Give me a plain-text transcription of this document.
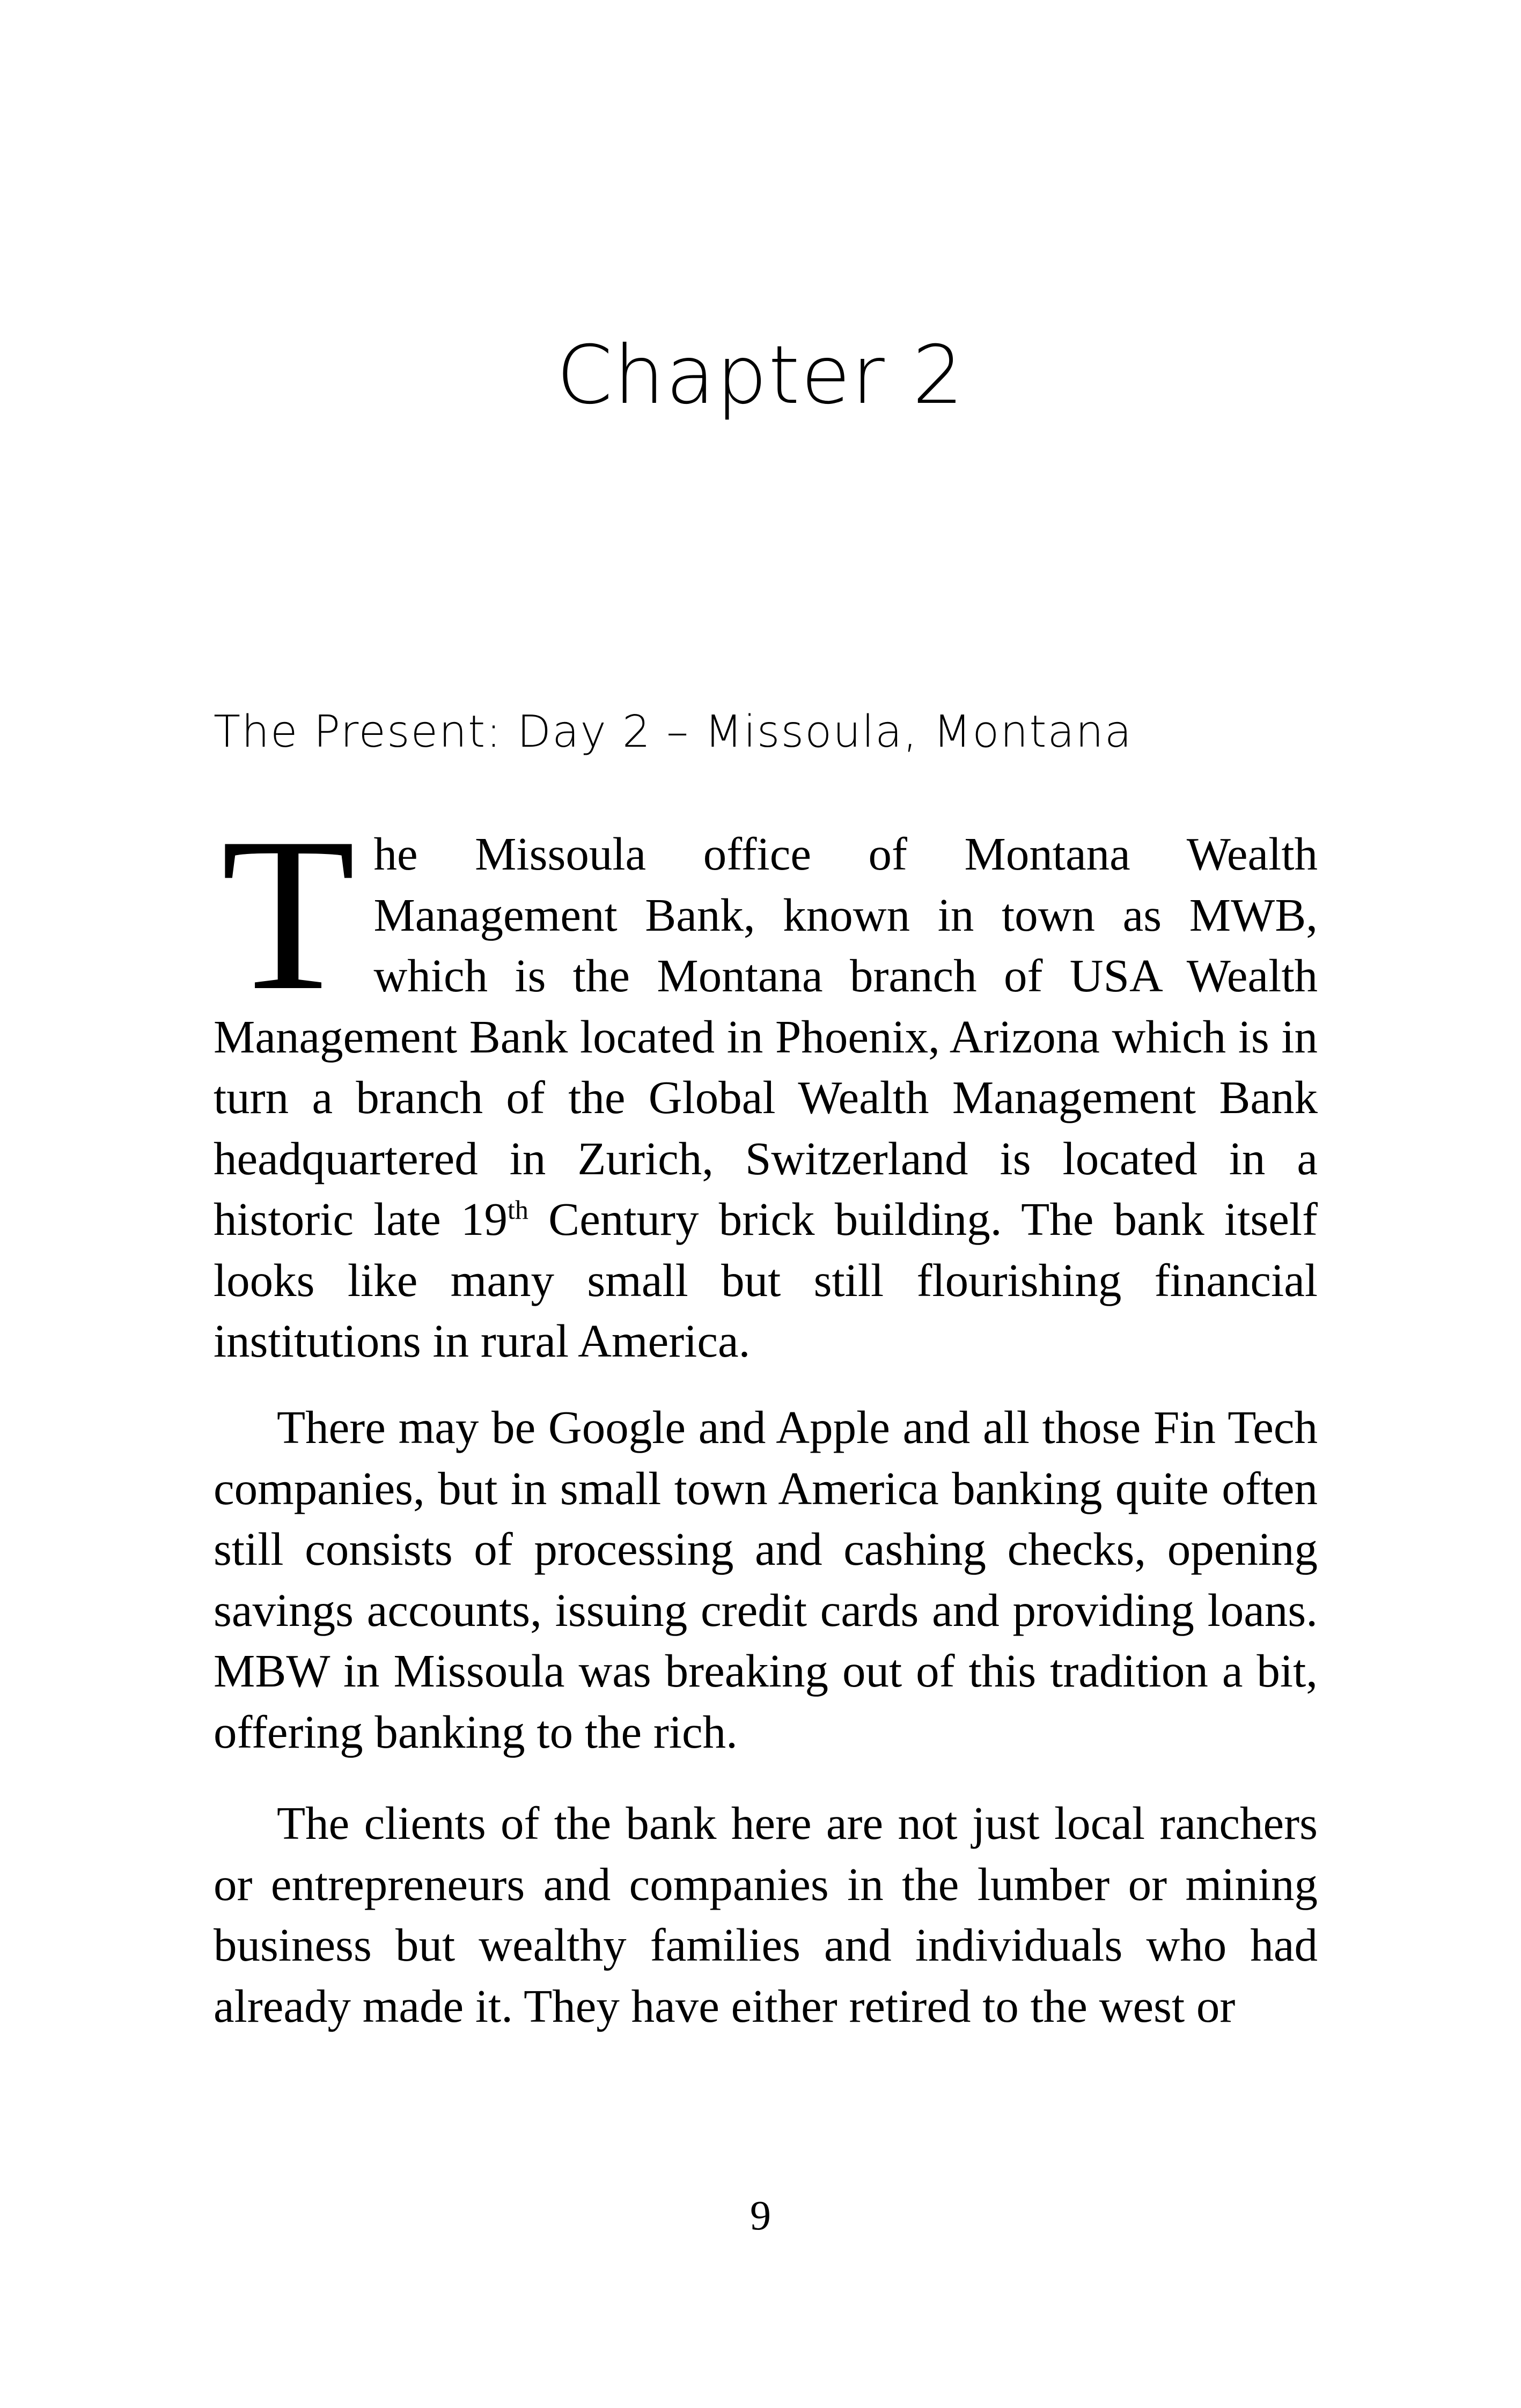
Chapter 2
The Present: Day 2 – Missoula, Montana

The Missoula office of Montana Wealth Management Bank, known in town as MWB, which is the Montana branch of USA Wealth Management Bank located in Phoenix, Arizona which is in turn a branch of the Global Wealth Management Bank headquartered in Zurich, Switzerland is located in a historic late 19th Century brick building. The bank itself looks like many small but still flourishing financial institutions in rural America.

There may be Google and Apple and all those Fin Tech companies, but in small town America banking quite often still consists of processing and cashing checks, opening savings accounts, issuing credit cards and providing loans. MBW in Missoula was breaking out of this tradition a bit, offering banking to the rich.

The clients of the bank here are not just local ranchers or entrepreneurs and companies in the lumber or mining business but wealthy families and individuals who had already made it. They have either retired to the west or

9
